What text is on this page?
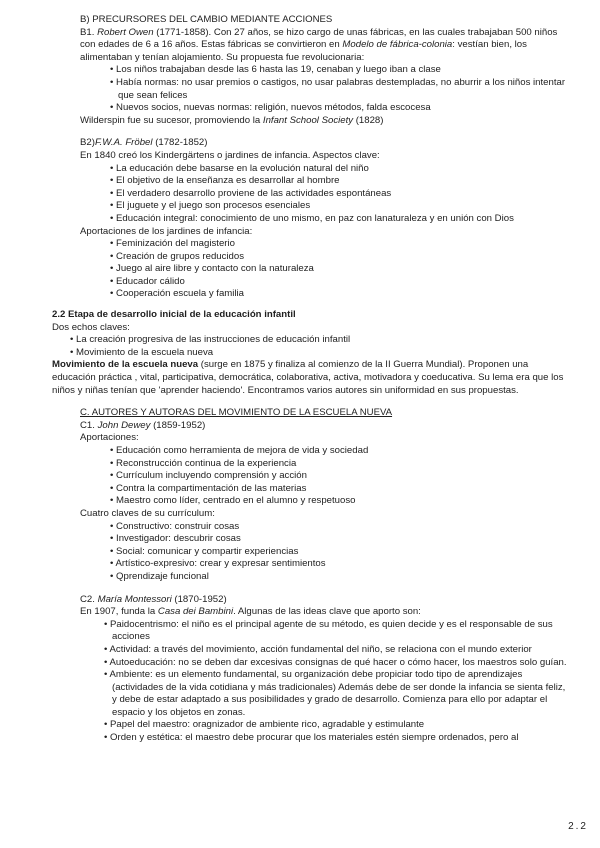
B) PRECURSORES DEL CAMBIO MEDIANTE ACCIONES
B1. Robert Owen (1771-1858). Con 27 años, se hizo cargo de unas fábricas, en las cuales trabajaban 500 niños con edades de 6 a 16 años. Estas fábricas se convirtieron en Modelo de fábrica-colonia: vestían bien, los alimentaban y tenían alojamiento. Su propuesta fue revolucionaria:
• Los niños trabajaban desde las 6 hasta las 19, cenaban y luego iban a clase
• Había normas: no usar premios o castigos, no usar palabras destempladas, no aburrir a los niños intentar que sean felices
• Nuevos socios, nuevas normas: religión, nuevos métodos, falda escocesa
Wilderspin fue su sucesor, promoviendo la Infant School Society (1828)
B2)F.W.A. Fröbel (1782-1852)
En 1840 creó los Kindergärtens o jardines de infancia. Aspectos clave:
• La educación debe basarse en la evolución natural del niño
• El objetivo de la enseñanza es desarrollar al hombre
• El verdadero desarrollo proviene de las actividades espontáneas
• El juguete y el juego son procesos esenciales
• Educación integral: conocimiento de uno mismo, en paz con lanaturaleza y en unión con Dios
Aportaciones de los jardines de infancia:
• Feminización del magisterio
• Creación de grupos reducidos
• Juego al aire libre y contacto con la naturaleza
• Educador cálido
• Cooperación escuela y familia
2.2 Etapa de desarrollo inicial de la educación infantil
Dos echos claves:
• La creación progresiva de las instrucciones de educación infantil
• Movimiento de la escuela nueva
Movimiento de la escuela nueva (surge en 1875 y finaliza al comienzo de la II Guerra Mundial). Proponen una educación práctica , vital, participativa, democrática, colaborativa, activa, motivadora y coeducativa. Su lema era que los niños y niñas tenían que 'aprender haciendo'. Encontramos varios autores sin uniformidad en sus propuestas.
C. AUTORES Y AUTORAS DEL MOVIMIENTO DE LA ESCUELA NUEVA
C1. John Dewey (1859-1952)
Aportaciones:
• Educación como herramienta de mejora de vida y sociedad
• Reconstrucción continua de la experiencia
• Currículum incluyendo comprensión y acción
• Contra la compartimentación de las materias
• Maestro como líder, centrado en el alumno y respetuoso
Cuatro claves de su currículum:
• Constructivo: construir cosas
• Investigador: descubrir cosas
• Social: comunicar y compartir experiencias
• Artístico-expresivo: crear y expresar sentimientos
• Qprendizaje funcional
C2. María Montessori (1870-1952)
En 1907, funda la Casa dei Bambini. Algunas de las ideas clave que aporto son:
• Paidocentrismo: el niño es el principal agente de su método, es quien decide y es el responsable de sus acciones
• Actividad: a través del movimiento, acción fundamental del niño, se relaciona con el mundo exterior
• Autoeducación: no se deben dar excesivas consignas de qué hacer o cómo hacer, los maestros solo guían.
• Ambiente: es un elemento fundamental, su organización debe propiciar todo tipo de aprendizajes (actividades de la vida cotidiana y más tradicionales) Además debe de ser donde la infancia se sienta feliz, y debe de estar adaptado a sus posibilidades y grado de desarrollo. Comienza para ello por adaptar el espacio y los objetos en zonas.
• Papel del maestro: oragnizador de ambiente rico, agradable y estimulante
• Orden y estética: el maestro debe procurar que los materiales estén siempre ordenados, pero al
2.2
